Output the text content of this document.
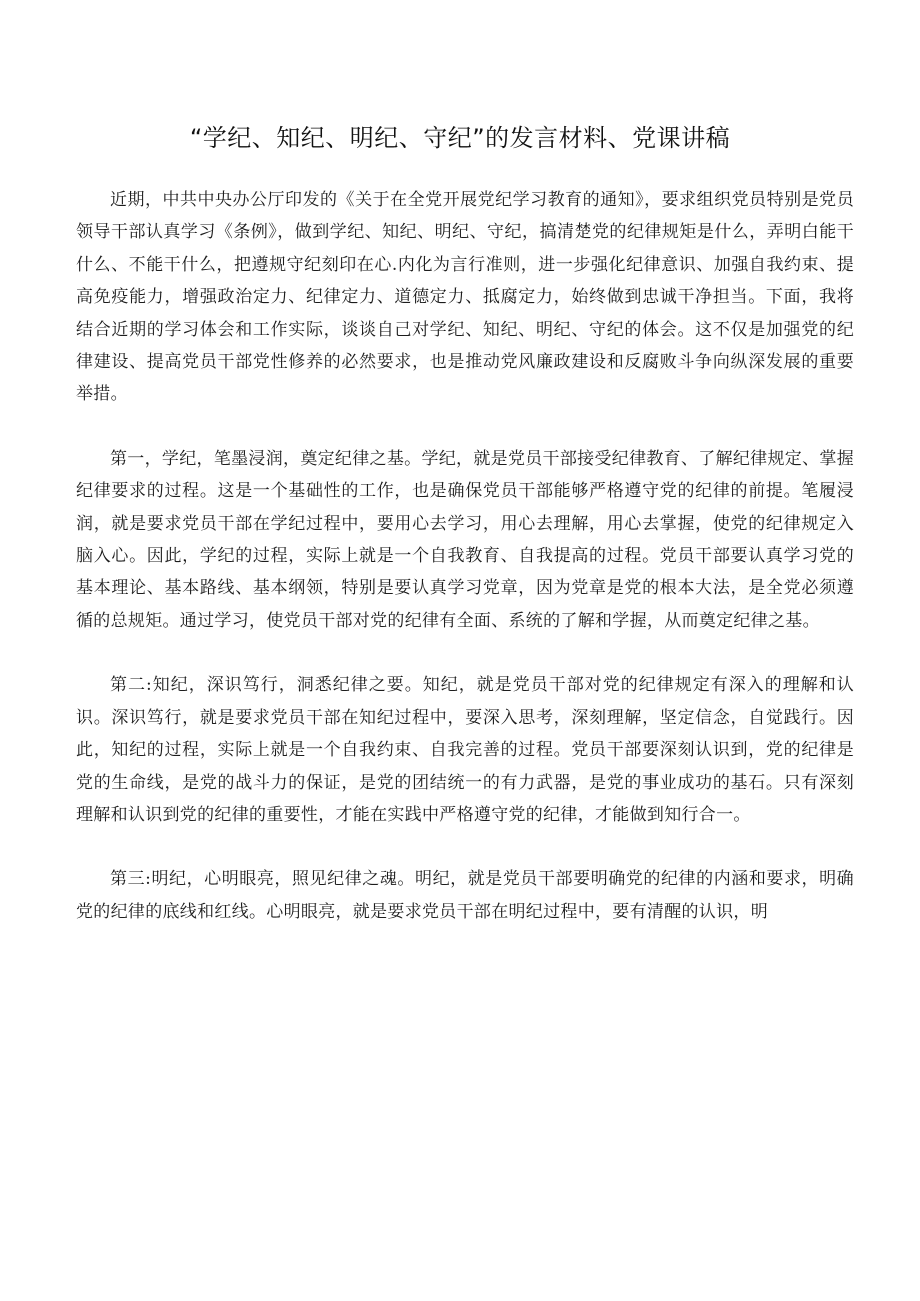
“学纪、知纪、明纪、守纪”的发言材料、党课讲稿

近期，中共中央办公厅印发的《关于在全党开展党纪学习教育的通知》，要求组织党员特别是党员领导干部认真学习《条例》，做到学纪、知纪、明纪、守纪，搞清楚党的纪律规矩是什么，弄明白能干什么、不能干什么，把遵规守纪刻印在心.内化为言行准则，进一步强化纪律意识、加强自我约束、提高免疫能力，增强政治定力、纪律定力、道德定力、抵腐定力，始终做到忠诚干净担当。下面，我将结合近期的学习体会和工作实际，谈谈自己对学纪、知纪、明纪、守纪的体会。这不仅是加强党的纪律建设、提高党员干部党性修养的必然要求，也是推动党风廉政建设和反腐败斗争向纵深发展的重要举措。

第一，学纪，笔墨浸润，奠定纪律之基。学纪，就是党员干部接受纪律教育、了解纪律规定、掌握纪律要求的过程。这是一个基础性的工作，也是确保党员干部能够严格遵守党的纪律的前提。笔履浸润，就是要求党员干部在学纪过程中，要用心去学习，用心去理解，用心去掌握，使党的纪律规定入脑入心。因此，学纪的过程，实际上就是一个自我教育、自我提高的过程。党员干部要认真学习党的基本理论、基本路线、基本纲领，特别是要认真学习党章，因为党章是党的根本大法，是全党必须遵循的总规矩。通过学习，使党员干部对党的纪律有全面、系统的了解和学握，从而奠定纪律之基。

第二:知纪，深识笃行，洞悉纪律之要。知纪，就是党员干部对党的纪律规定有深入的理解和认识。深识笃行，就是要求党员干部在知纪过程中，要深入思考，深刻理解，坚定信念，自觉践行。因此，知纪的过程，实际上就是一个自我约束、自我完善的过程。党员干部要深刻认识到，党的纪律是党的生命线，是党的战斗力的保证，是党的团结统一的有力武器，是党的事业成功的基石。只有深刻理解和认识到党的纪律的重要性，才能在实践中严格遵守党的纪律，才能做到知行合一。

第三:明纪，心明眼亮，照见纪律之魂。明纪，就是党员干部要明确党的纪律的内涵和要求，明确党的纪律的底线和红线。心明眼亮，就是要求党员干部在明纪过程中，要有清醒的认识，明
